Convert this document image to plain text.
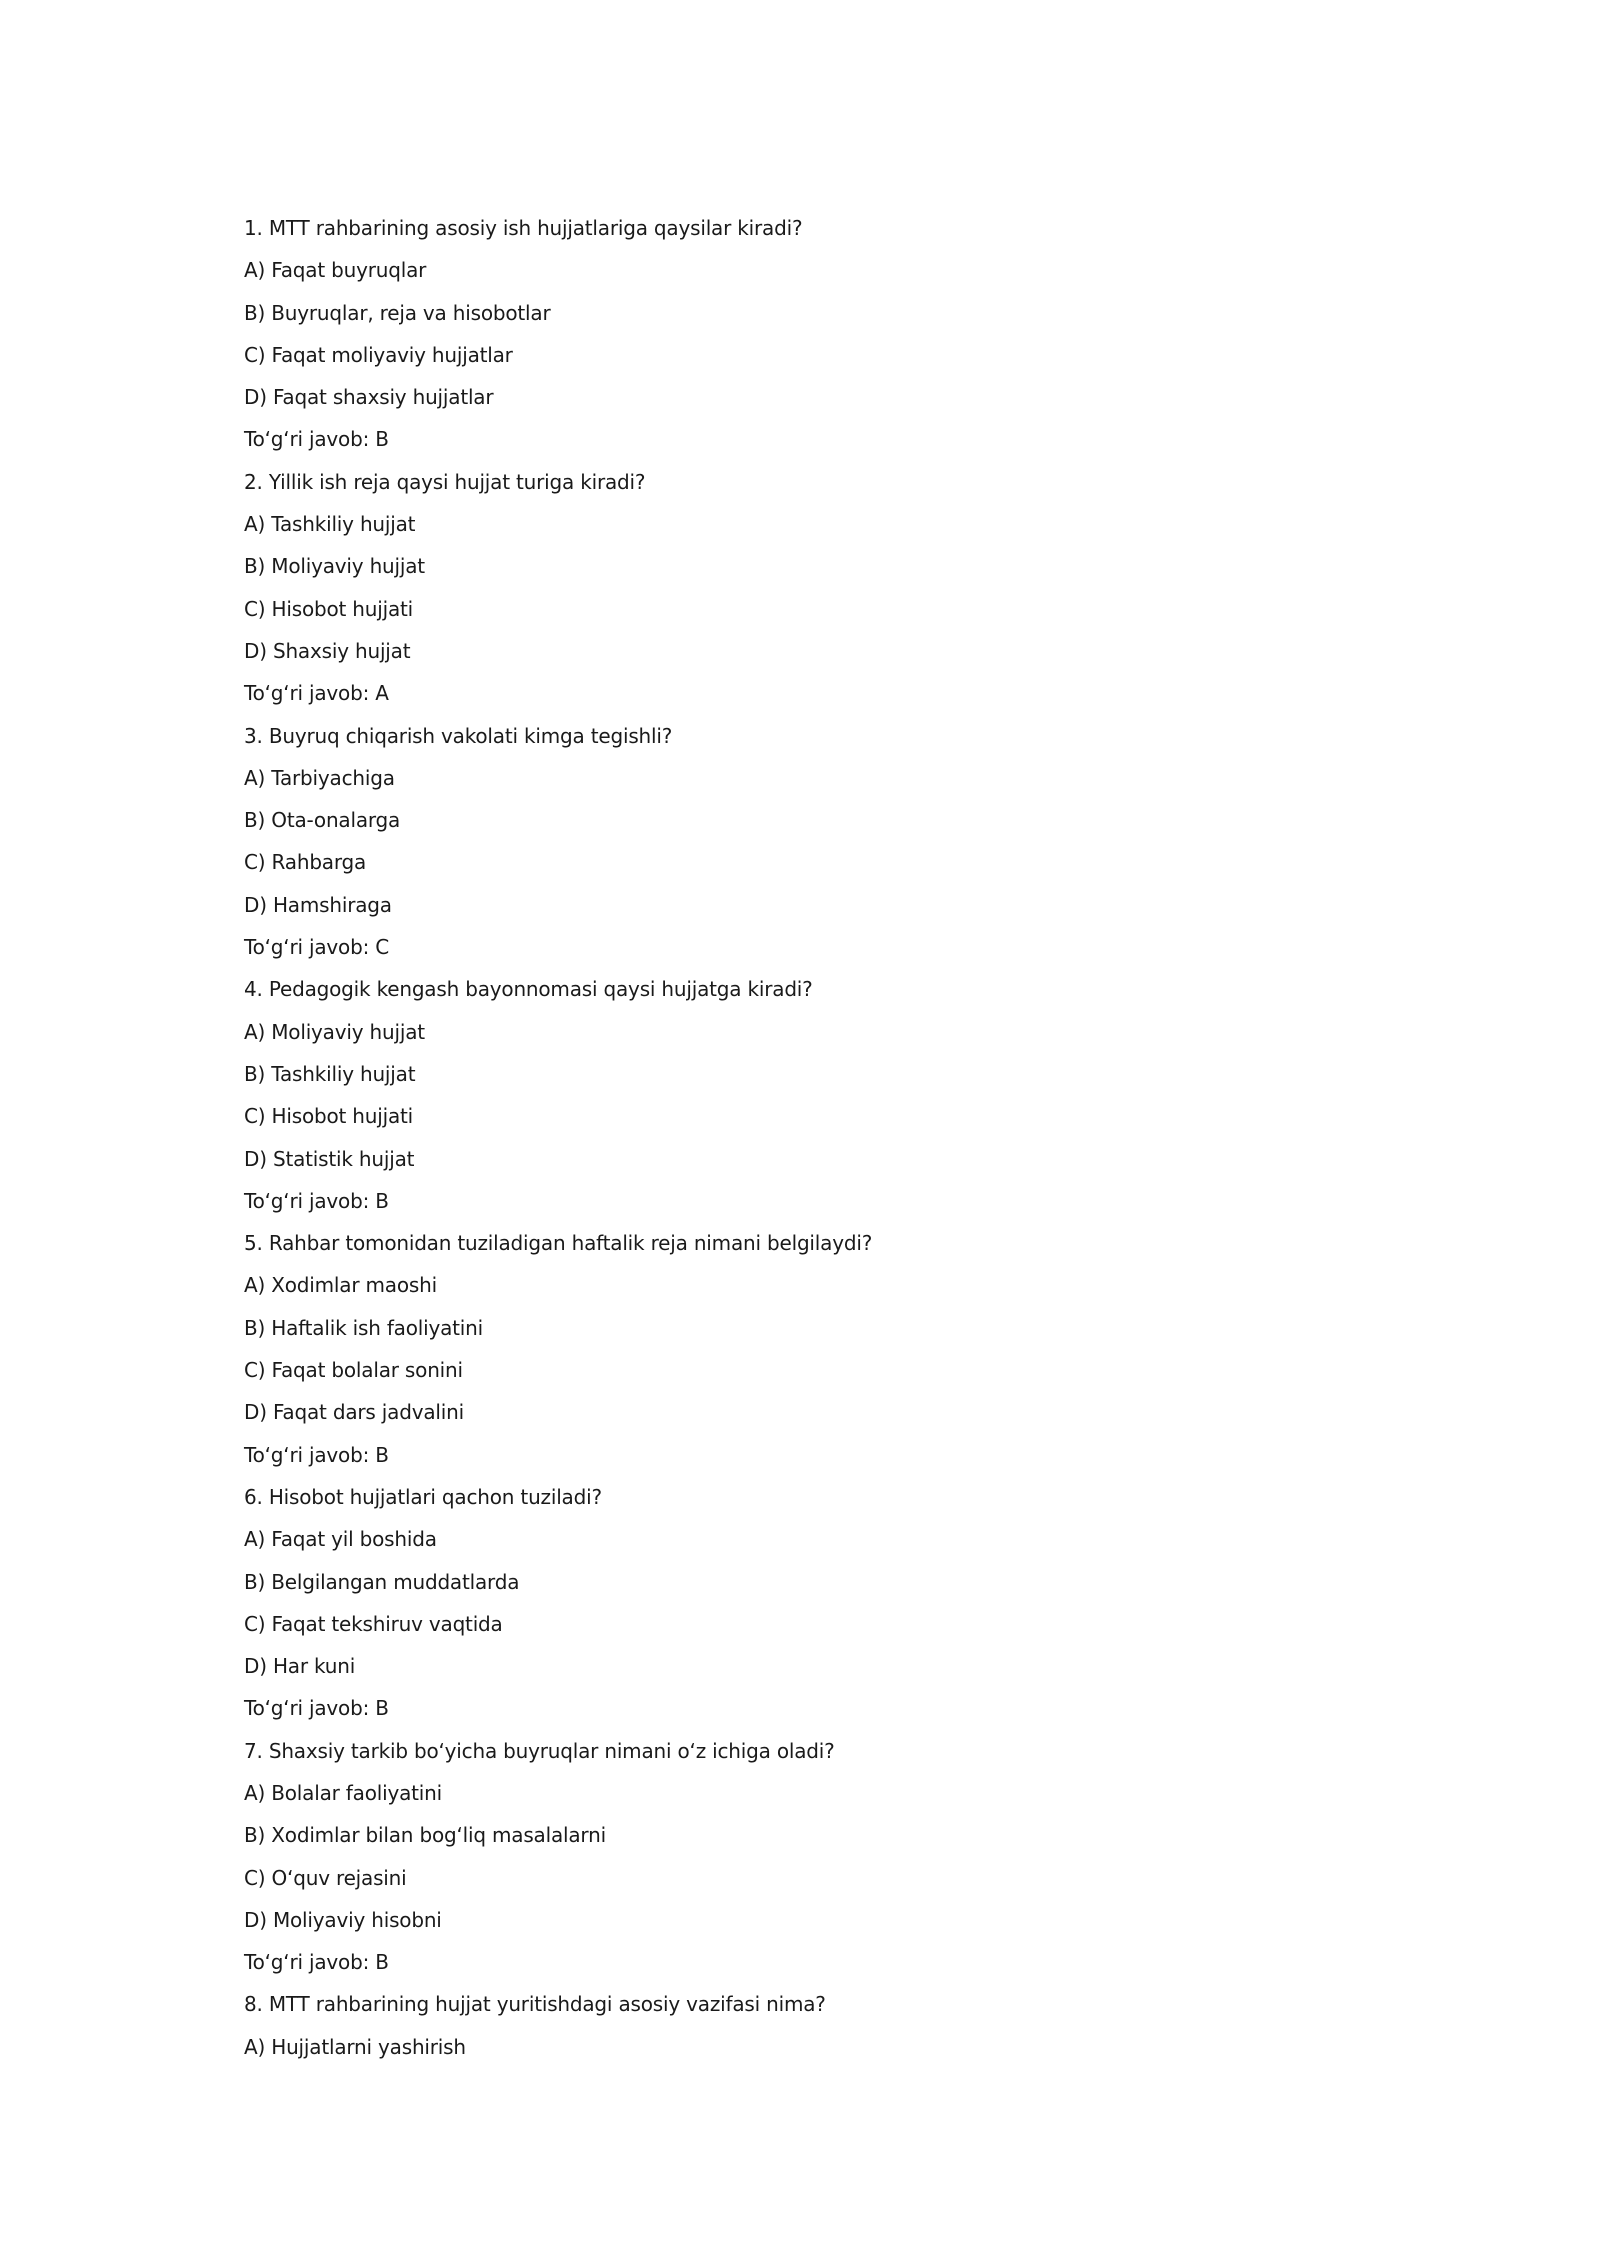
1. MTT rahbarining asosiy ish hujjatlariga qaysilar kiradi?
A) Faqat buyruqlar
B) Buyruqlar, reja va hisobotlar
C) Faqat moliyaviy hujjatlar
D) Faqat shaxsiy hujjatlar
To‘g‘ri javob: B
2. Yillik ish reja qaysi hujjat turiga kiradi?
A) Tashkiliy hujjat
B) Moliyaviy hujjat
C) Hisobot hujjati
D) Shaxsiy hujjat
To‘g‘ri javob: A
3. Buyruq chiqarish vakolati kimga tegishli?
A) Tarbiyachiga
B) Ota-onalarga
C) Rahbarga
D) Hamshiraga
To‘g‘ri javob: C
4. Pedagogik kengash bayonnomasi qaysi hujjatga kiradi?
A) Moliyaviy hujjat
B) Tashkiliy hujjat
C) Hisobot hujjati
D) Statistik hujjat
To‘g‘ri javob: B
5. Rahbar tomonidan tuziladigan haftalik reja nimani belgilaydi?
A) Xodimlar maoshi
B) Haftalik ish faoliyatini
C) Faqat bolalar sonini
D) Faqat dars jadvalini
To‘g‘ri javob: B
6. Hisobot hujjatlari qachon tuziladi?
A) Faqat yil boshida
B) Belgilangan muddatlarda
C) Faqat tekshiruv vaqtida
D) Har kuni
To‘g‘ri javob: B
7. Shaxsiy tarkib bo‘yicha buyruqlar nimani o‘z ichiga oladi?
A) Bolalar faoliyatini
B) Xodimlar bilan bog‘liq masalalarni
C) O‘quv rejasini
D) Moliyaviy hisobni
To‘g‘ri javob: B
8. MTT rahbarining hujjat yuritishdagi asosiy vazifasi nima?
A) Hujjatlarni yashirish
